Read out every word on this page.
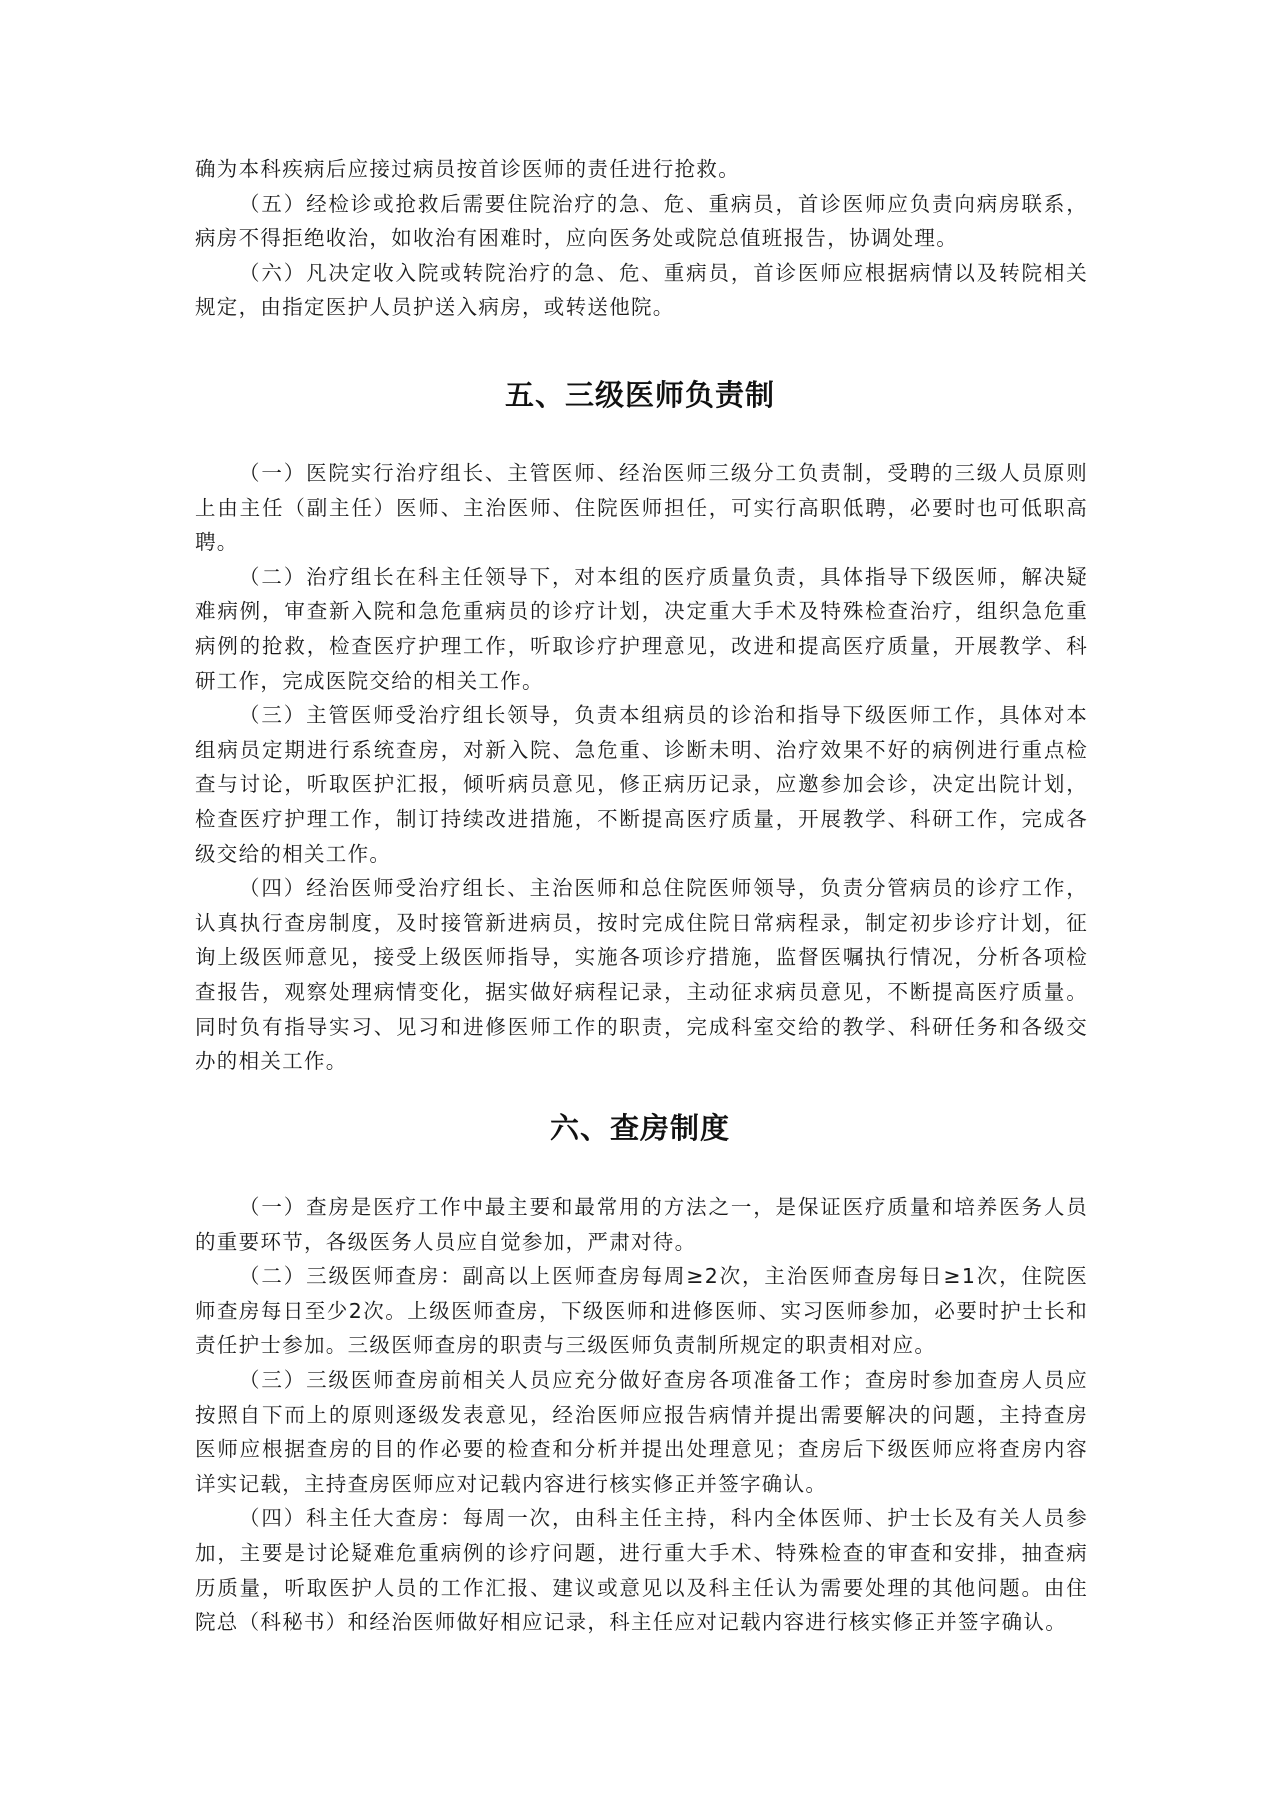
确为本科疾病后应接过病员按首诊医师的责任进行抢救。

（五）经检诊或抢救后需要住院治疗的急、危、重病员，首诊医师应负责向病房联系，病房不得拒绝收治，如收治有困难时，应向医务处或院总值班报告，协调处理。

（六）凡决定收入院或转院治疗的急、危、重病员，首诊医师应根据病情以及转院相关规定，由指定医护人员护送入病房，或转送他院。

五、三级医师负责制

（一）医院实行治疗组长、主管医师、经治医师三级分工负责制，受聘的三级人员原则上由主任（副主任）医师、主治医师、住院医师担任，可实行高职低聘，必要时也可低职高聘。

（二）治疗组长在科主任领导下，对本组的医疗质量负责，具体指导下级医师，解决疑难病例，审查新入院和急危重病员的诊疗计划，决定重大手术及特殊检查治疗，组织急危重病例的抢救，检查医疗护理工作，听取诊疗护理意见，改进和提高医疗质量，开展教学、科研工作，完成医院交给的相关工作。

（三）主管医师受治疗组长领导，负责本组病员的诊治和指导下级医师工作，具体对本组病员定期进行系统查房，对新入院、急危重、诊断未明、治疗效果不好的病例进行重点检查与讨论，听取医护汇报，倾听病员意见，修正病历记录，应邀参加会诊，决定出院计划，检查医疗护理工作，制订持续改进措施，不断提高医疗质量，开展教学、科研工作，完成各级交给的相关工作。

（四）经治医师受治疗组长、主治医师和总住院医师领导，负责分管病员的诊疗工作，认真执行查房制度，及时接管新进病员，按时完成住院日常病程录，制定初步诊疗计划，征询上级医师意见，接受上级医师指导，实施各项诊疗措施，监督医嘱执行情况，分析各项检查报告，观察处理病情变化，据实做好病程记录，主动征求病员意见，不断提高医疗质量。同时负有指导实习、见习和进修医师工作的职责，完成科室交给的教学、科研任务和各级交办的相关工作。

六、查房制度

（一）查房是医疗工作中最主要和最常用的方法之一，是保证医疗质量和培养医务人员的重要环节，各级医务人员应自觉参加，严肃对待。

（二）三级医师查房：副高以上医师查房每周≥2次，主治医师查房每日≥1次，住院医师查房每日至少2次。上级医师查房，下级医师和进修医师、实习医师参加，必要时护士长和责任护士参加。三级医师查房的职责与三级医师负责制所规定的职责相对应。

（三）三级医师查房前相关人员应充分做好查房各项准备工作；查房时参加查房人员应按照自下而上的原则逐级发表意见，经治医师应报告病情并提出需要解决的问题，主持查房医师应根据查房的目的作必要的检查和分析并提出处理意见；查房后下级医师应将查房内容详实记载，主持查房医师应对记载内容进行核实修正并签字确认。

（四）科主任大查房：每周一次，由科主任主持，科内全体医师、护士长及有关人员参加，主要是讨论疑难危重病例的诊疗问题，进行重大手术、特殊检查的审查和安排，抽查病历质量，听取医护人员的工作汇报、建议或意见以及科主任认为需要处理的其他问题。由住院总（科秘书）和经治医师做好相应记录，科主任应对记载内容进行核实修正并签字确认。
